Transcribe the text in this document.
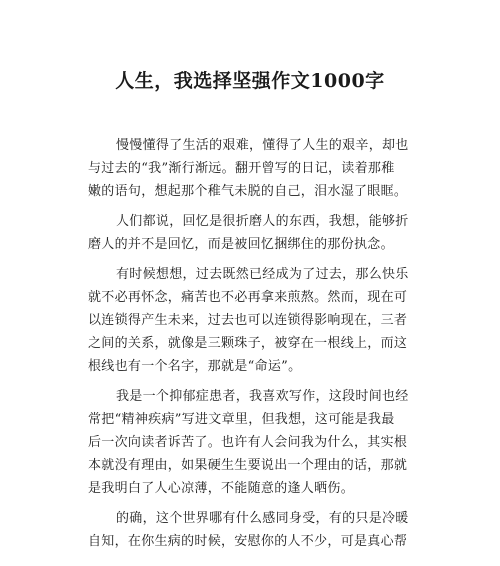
人生，我选择坚强作文1000字

慢慢懂得了生活的艰难，懂得了人生的艰辛，却也
与过去的“我”渐行渐远。翻开曾写的日记，读着那稚
嫩的语句，想起那个稚气未脱的自己，泪水湿了眼眶。

人们都说，回忆是很折磨人的东西，我想，能够折
磨人的并不是回忆，而是被回忆捆绑住的那份执念。

有时候想想，过去既然已经成为了过去，那么快乐
就不必再怀念，痛苦也不必再拿来煎熬。然而，现在可
以连锁得产生未来，过去也可以连锁得影响现在，三者
之间的关系，就像是三颗珠子，被穿在一根线上，而这
根线也有一个名字，那就是“命运”。

我是一个抑郁症患者，我喜欢写作，这段时间也经
常把“精神疾病”写进文章里，但我想，这可能是我最
后一次向读者诉苦了。也许有人会问我为什么，其实根
本就没有理由，如果硬生生要说出一个理由的话，那就
是我明白了人心凉薄，不能随意的逢人晒伤。

的确，这个世界哪有什么感同身受，有的只是冷暖
自知，在你生病的时候，安慰你的人不少，可是真心帮
